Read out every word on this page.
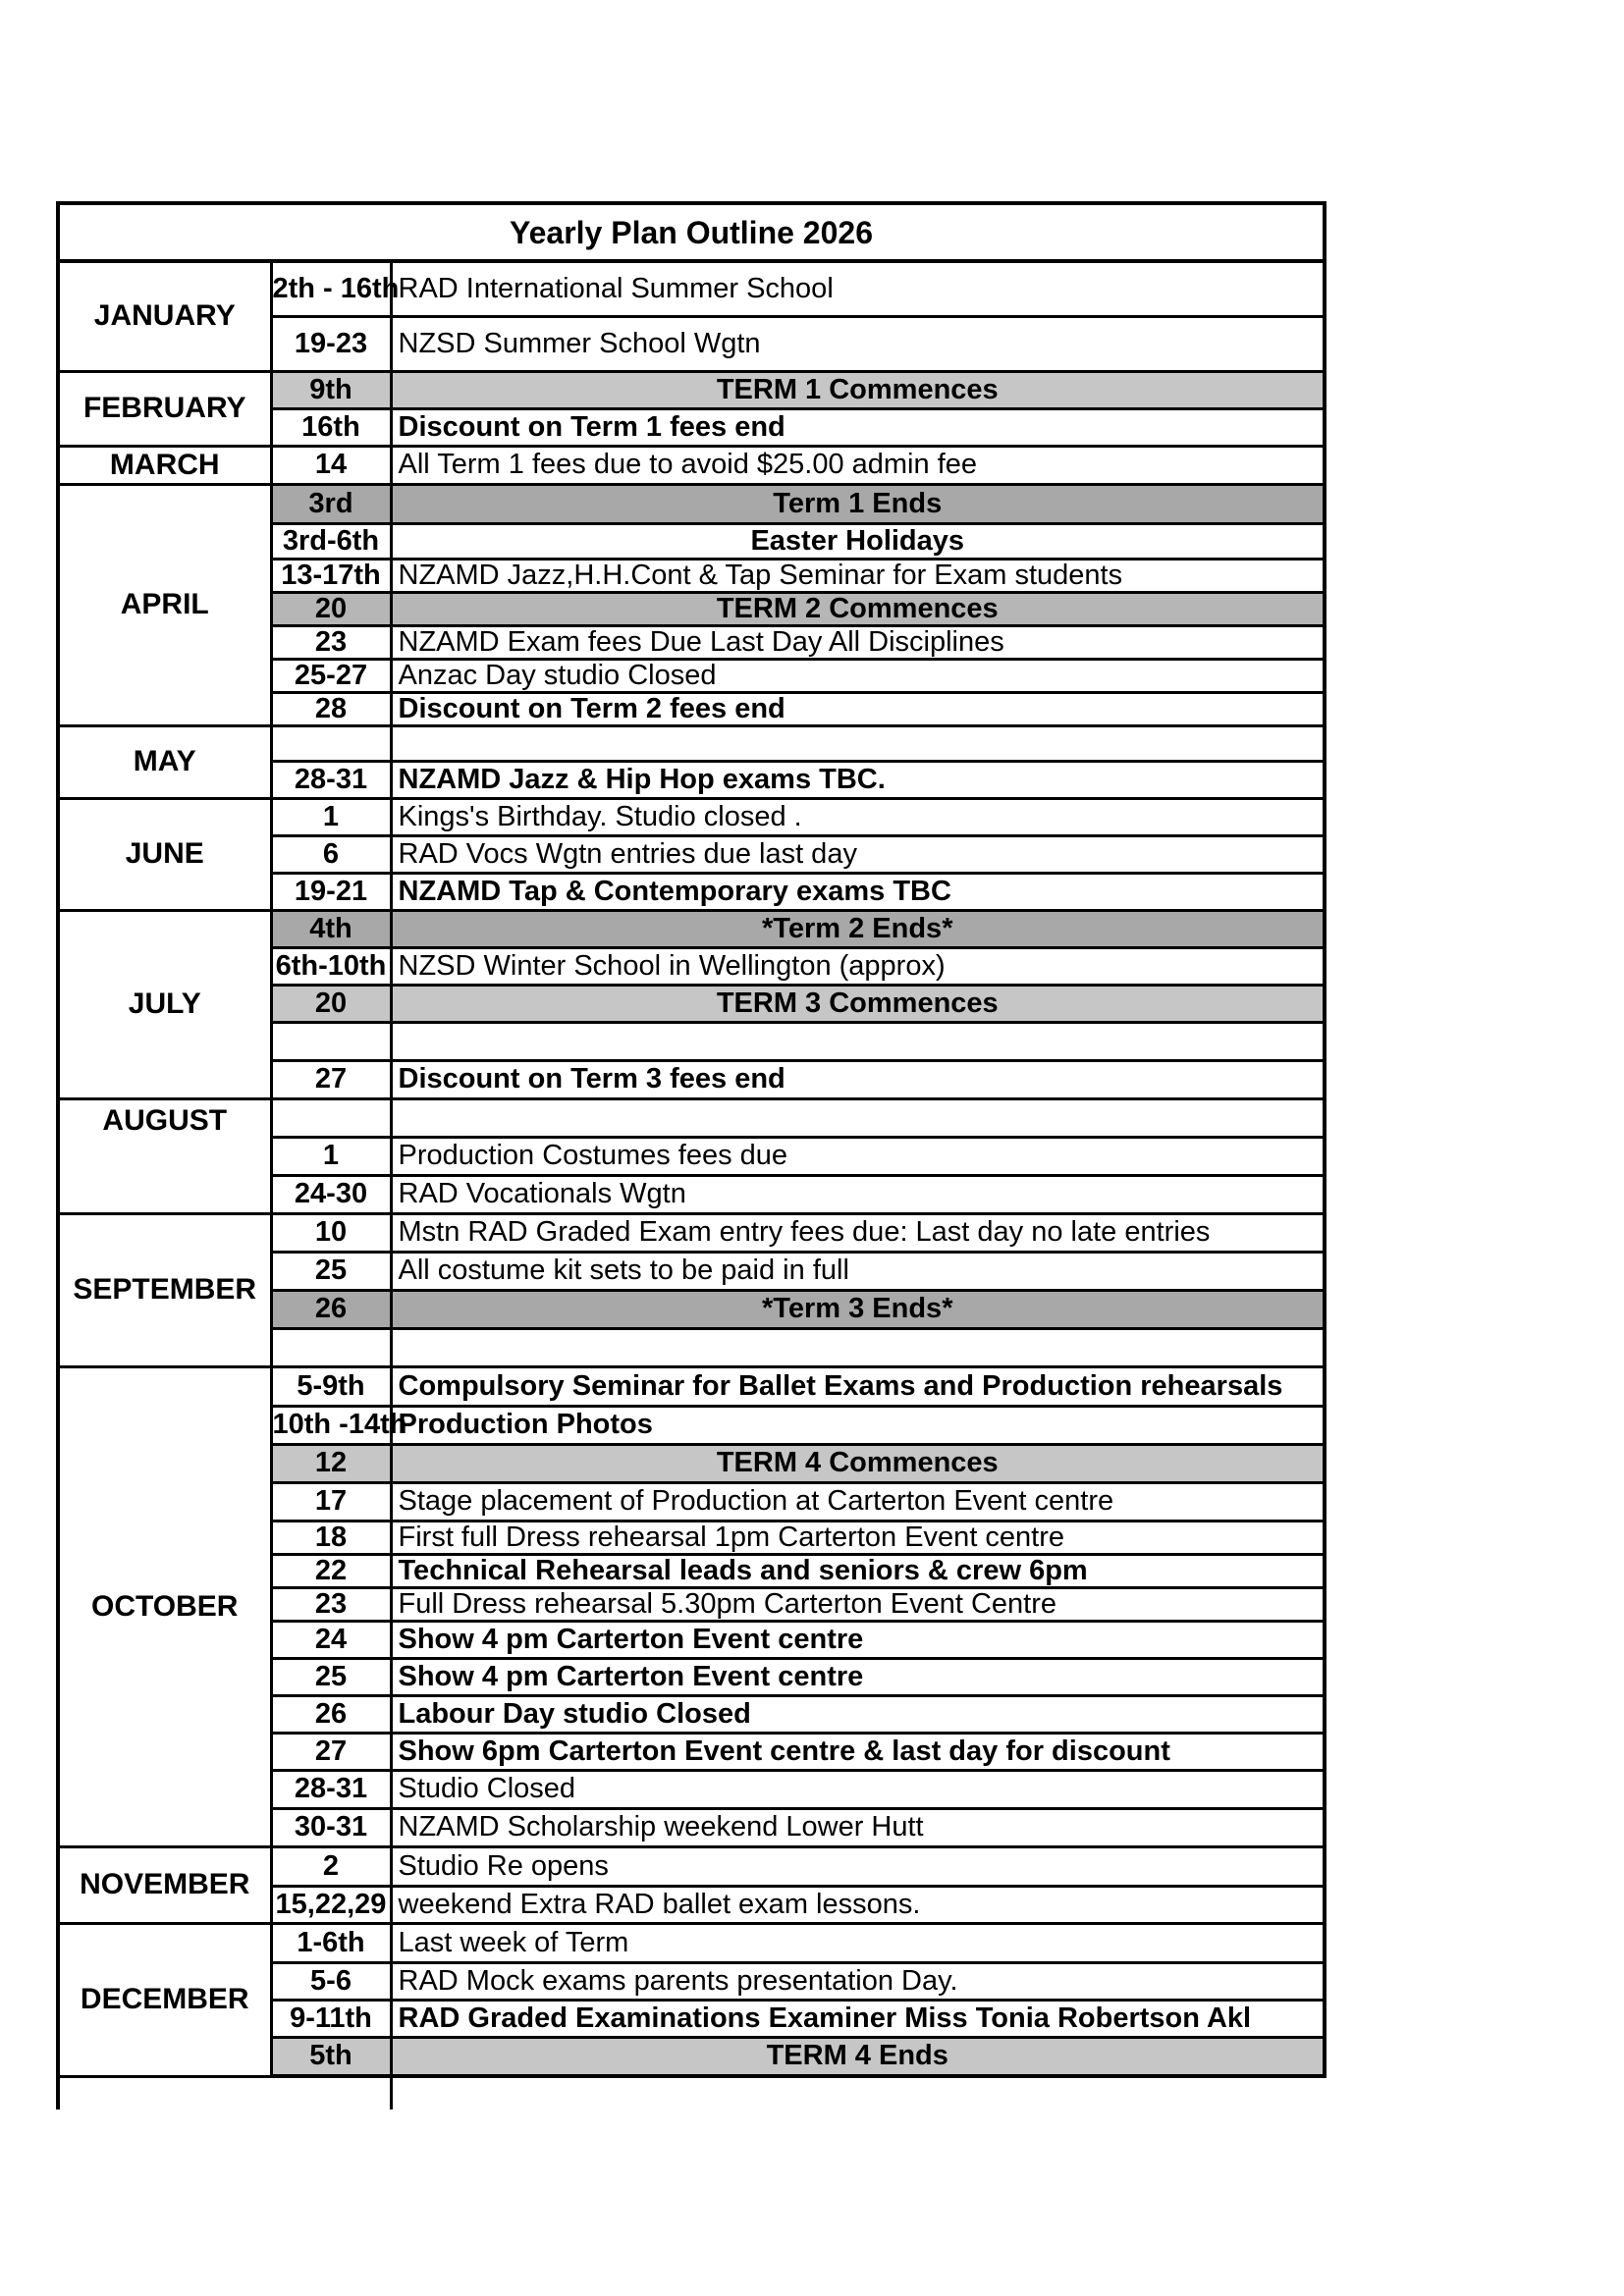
Yearly Plan Outline 2026		
JANUARY	2th - 16th	RAD International Summer School
	19-23	NZSD Summer School Wgtn
FEBRUARY	9th	TERM 1 Commences
	16th	Discount on Term 1 fees end
MARCH	14	All Term 1 fees due to avoid $25.00 admin fee
APRIL	3rd	Term 1 Ends
	3rd-6th	Easter Holidays
	13-17th	NZAMD Jazz,H.H.Cont & Tap Seminar for Exam students
	20	TERM 2 Commences
	23	NZAMD Exam fees Due Last Day All Disciplines
	25-27	Anzac Day studio Closed
	28	Discount on Term 2 fees end
MAY		
	28-31	NZAMD Jazz & Hip Hop exams TBC.
JUNE	1	Kings's Birthday. Studio closed .
	6	RAD Vocs Wgtn entries due last day
	19-21	NZAMD Tap & Contemporary exams TBC
JULY	4th	*Term 2 Ends*
	6th-10th	NZSD Winter School in Wellington (approx)
	20	TERM 3 Commences

	27	Discount on Term 3 fees end
AUGUST		
	1	Production Costumes fees due
	24-30	RAD Vocationals Wgtn
SEPTEMBER	10	Mstn RAD Graded Exam entry fees due: Last day no late entries
	25	All costume kit sets to be paid in full
	26	*Term 3 Ends*

OCTOBER	5-9th	Compulsory Seminar for Ballet Exams and Production rehearsals
	10th -14th	Production Photos
	12	TERM 4 Commences
	17	Stage placement of Production at Carterton Event centre
	18	First full Dress rehearsal 1pm Carterton Event centre
	22	Technical Rehearsal leads and seniors & crew 6pm
	23	Full Dress rehearsal 5.30pm Carterton Event Centre
	24	Show 4 pm Carterton Event centre
	25	Show 4 pm Carterton Event centre
	26	Labour Day studio Closed
	27	Show 6pm Carterton Event centre & last day for discount
	28-31	Studio Closed
	30-31	NZAMD Scholarship weekend Lower Hutt
NOVEMBER	2	Studio Re opens
	15,22,29	weekend Extra RAD ballet exam lessons.
DECEMBER	1-6th	Last week of Term
	5-6	RAD Mock exams parents presentation Day.
	9-11th	RAD Graded Examinations Examiner Miss Tonia Robertson Akl
	5th	TERM 4 Ends
